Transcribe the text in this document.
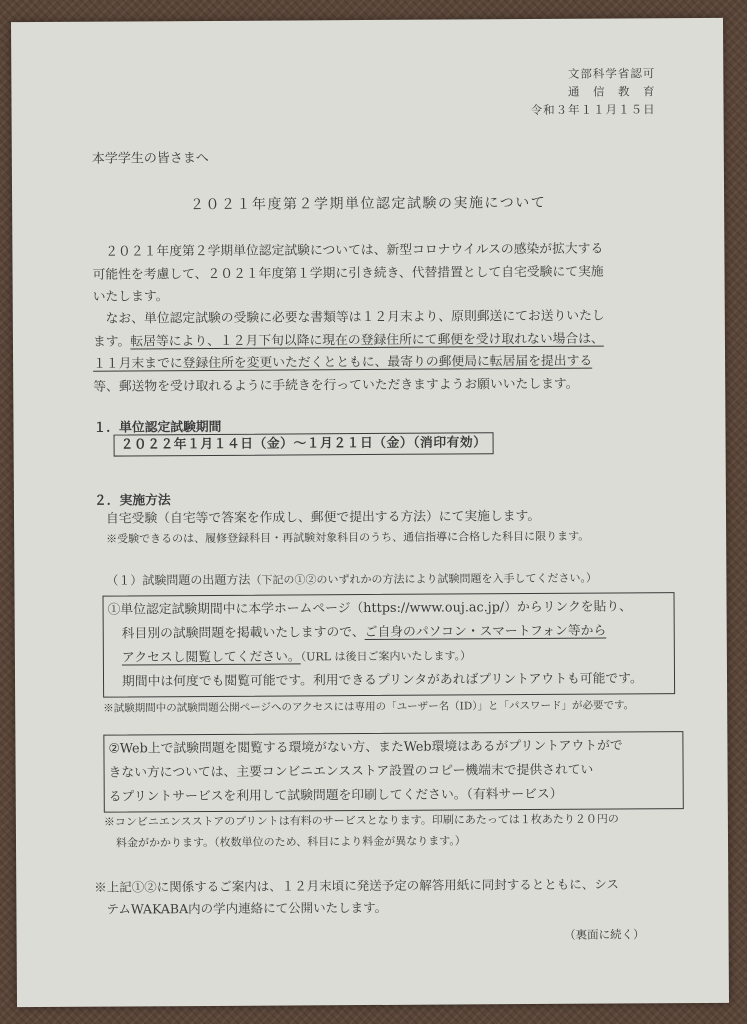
文部科学省認可
通　信　教　育
令和３年１１月１５日
本学学生の皆さまへ
２０２１年度第２学期単位認定試験の実施について
　２０２１年度第２学期単位認定試験については、新型コロナウイルスの感染が拡大する
可能性を考慮して、２０２１年度第１学期に引き続き、代替措置として自宅受験にて実施
いたします。
　なお、単位認定試験の受験に必要な書類等は１２月末より、原則郵送にてお送りいたし
ます。転居等により、１２月下旬以降に現在の登録住所にて郵便を受け取れない場合は、
１１月末までに登録住所を変更いただくとともに、最寄りの郵便局に転居届を提出する
等、郵送物を受け取れるように手続きを行っていただきますようお願いいたします。
１．単位認定試験期間
２０２２年１月１４日（金）～１月２１日（金）（消印有効）
２．実施方法
自宅受験（自宅等で答案を作成し、郵便で提出する方法）にて実施します。
※受験できるのは、履修登録科目・再試験対象科目のうち、通信指導に合格した科目に限ります。
（１）試験問題の出題方法（下記の①②のいずれかの方法により試験問題を入手してください。）
①単位認定試験期間中に本学ホームページ（https://www.ouj.ac.jp/）からリンクを貼り、
科目別の試験問題を掲載いたしますので、ご自身のパソコン・スマートフォン等から
アクセスし閲覧してください。（URL は後日ご案内いたします。）
期間中は何度でも閲覧可能です。利用できるプリンタがあればプリントアウトも可能です。
※試験期間中の試験問題公開ページへのアクセスには専用の「ユーザー名（ID）」と「パスワード」が必要です。
②Web上で試験問題を閲覧する環境がない方、またWeb環境はあるがプリントアウトがで
きない方については、主要コンビニエンスストア設置のコピー機端末で提供されてい
るプリントサービスを利用して試験問題を印刷してください。（有料サービス）
※コンビニエンスストアのプリントは有料のサービスとなります。印刷にあたっては１枚あたり２０円の
料金がかかります。（枚数単位のため、科目により料金が異なります。）
※上記①②に関係するご案内は、１２月末頃に発送予定の解答用紙に同封するとともに、シス
テムWAKABA内の学内連絡にて公開いたします。
（裏面に続く）
